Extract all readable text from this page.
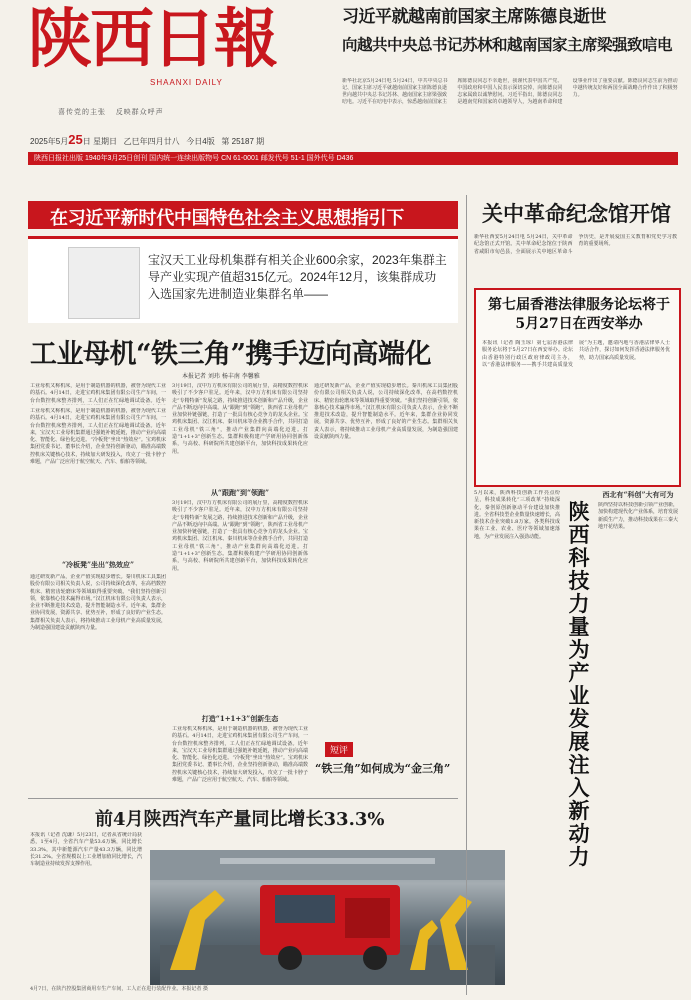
陕西日報
SHAANXI DAILY
喜传党的主张 反映群众呼声
习近平就越南前国家主席陈德良逝世
向越共中央总书记苏林和越南国家主席梁强致唁电
新华社北京5月24日电 5月24日，中共中央总书记、国家主席习近平就越南前国家主席陈德良逝世向越共中央总书记苏林、越南国家主席梁强致唁电。习近平在唁电中表示，惊悉越南前国家主席陈德良同志不幸逝世，我谨代表中国共产党、中国政府和中国人民表示深切哀悼，向陈德良同志家属致以诚挚慰问。习近平指出，陈德良同志是越南党和国家的卓越领导人，为越南革命和建设事业作出了重要贡献。陈德良同志生前为推动中越传统友好和两国全面战略合作作出了积极努力。
2025年5月25日 星期日 乙巳年四月廿八 今日4版 第 25187 期
陕西日报社出版 1940年3月25日创刊 国内统一连续出版物号 CN 61-0001 邮发代号 51-1 国外代号 D436
在习近平新时代中国特色社会主义思想指引下
宝汉天工业母机集群有相关企业600余家，2023年集群主导产业实现产值超315亿元。2024年12月，该集群成功入选国家先进制造业集群名单——
工业母机“铁三角”携手迈向高端化
本报记者 刘玮 杨丰南 李馨雅
工业母机又称机床，是用于制造机器的机器，被誉为现代工业的基石。4月14日，走进宝鸡机床集团有限公司生产车间，一台台数控机床整齐排列，工人们正在忙碌地调试设备。近年
“冷板凳”坐出“热效应”
工业母机又称机床，是用于制造机器的机器，被誉为现代工业的基石。4月14日，走进宝鸡机床集团有限公司生产车间，一台台数控机床整齐排列，工人们正在忙碌地调试设备。近年来，宝汉天工业母机集群通过强链补链延链，推动产业向高端化、智能化、绿色化迈进。“冷板凳”坐出“热效应”。宝鸡机床集团党委书记、董事长介绍，企业坚持创新驱动，瞄准高端数控机床关键核心技术，持续加大研发投入，攻克了一批卡脖子难题，产品广泛应用于航空航天、汽车、船舶等领域。
通过研发新产品，企业产值实现稳步增长。秦川机床工具集团股份有限公司相关负责人说，公司持续深化改革，在高档数控机床、精密齿轮磨床等领域取得重要突破。“我们坚持创新引领，依靠核心技术赢得市场。”汉江机床有限公司负责人表示，企业不断推进技术改造，提升智能制造水平。近年来，集群企业协同发展，资源共享、优势互补，形成了良好的产业生态。集群相关负责人表示，将持续推动工业母机产业高质量发展，为制造强国建设贡献陕西力量。
3月19日，汉中万方机床有限公司的展厅里，高精度数控机床吸引了不少客户驻足。近年来，汉中万方机床有限公司坚持走“专精特新”发展之路，持续推进技术创新和产品升级，企业产品不断迈向中高端。从“跟跑”到“领跑”，陕西省工业母机产业加快补链强链，打造了一批具有核心竞争力的龙头企业。宝鸡机床集团、汉江机床、秦川机床等企业携手合作，共同打造工业母机“铁三角”，推动产业集群向高端化迈进。打造“1+1+3”创新生态。集群积极构建产学研用协同创新体系，与高校、科研院所共建创新平台，加快科技成果转化应用。
从“跟跑”到“领跑”
3月19日，汉中万方机床有限公司的展厅里，高精度数控机床吸引了不少客户驻足。近年来，汉中万方机床有限公司坚持走“专精特新”发展之路，持续推进技术创新和产品升级，企业产品不断迈向中高端。从“跟跑”到“领跑”，陕西省工业母机产业加快补链强链，打造了一批具有核心竞争力的龙头企业。宝鸡机床集团、汉江机床、秦川机床等企业携手合作，共同打造工业母机“铁三角”，推动产业集群向高端化迈进。打造“1+1+3”创新生态。集群积极构建产学研用协同创新体系，与高校、科研院所共建创新平台，加快科技成果转化应用。
打造“1+1+3”创新生态
工业母机又称机床，是用于制造机器的机器，被誉为现代工业的基石。4月14日，走进宝鸡机床集团有限公司生产车间，一台台数控机床整齐排列，工人们正在忙碌地调试设备。近年来，宝汉天工业母机集群通过强链补链延链，推动产业向高端化、智能化、绿色化迈进。“冷板凳”坐出“热效应”。宝鸡机床集团党委书记、董事长介绍，企业坚持创新驱动，瞄准高端数控机床关键核心技术，持续加大研发投入，攻克了一批卡脖子难题，产品广泛应用于航空航天、汽车、船舶等领域。
通过研发新产品，企业产值实现稳步增长。秦川机床工具集团股份有限公司相关负责人说，公司持续深化改革，在高档数控机床、精密齿轮磨床等领域取得重要突破。“我们坚持创新引领，依靠核心技术赢得市场。”汉江机床有限公司负责人表示，企业不断推进技术改造，提升智能制造水平。近年来，集群企业协同发展，资源共享、优势互补，形成了良好的产业生态。集群相关负责人表示，将持续推动工业母机产业高质量发展，为制造强国建设贡献陕西力量。
短评
“铁三角”如何成为“金三角”
前4月陕西汽车产量同比增长33.3%
本报讯（记者 沈谦）5月23日，记者从省统计局获悉，1至4月，全省汽车产量53.6万辆，同比增长33.3%，其中新能源汽车产量43.3万辆，同比增长31.2%。全省规模以上工业增加值同比增长，汽车制造业持续发挥支撑作用。
4月7日，在陕汽控股集团商用车生产车间，工人正在进行装配作业。本报记者 摄
关中革命纪念馆开馆
新华社西安5月24日电 5月24日，关中革命纪念馆正式开馆。关中革命纪念馆位于陕西省咸阳市旬邑县，全面展示关中地区革命斗争历史，是开展爱国主义教育和党史学习教育的重要场所。
第七届香港法律服务论坛将于5月27日在西安举办
本报讯（记者 陶玉琼）第七届香港法律服务论坛将于5月27日在西安举办。论坛由香港特别行政区政府律政司主办，以“香港法律服务——携手共建高质量发展”为主题，邀请内地与香港法律界人士共话合作，探讨如何发挥香港法律服务优势，助力国家高质量发展。
5月以来，陕西科技创新工作亮点纷呈，科技成果转化“三项改革”持续深化，秦创原创新驱动平台建设加快推进。全省科技型企业数量快速增长，高新技术企业突破1.8万家。各类科技成果在工业、农业、医疗等领域加速落地，为产业发展注入强劲动能。
陕西科技力量为产业发展注入新动力
西北有“科创”大有可为
陕西坚持以科技创新引领产业创新，加快构建现代化产业体系，培育发展新质生产力，推动科技成果在三秦大地开花结果。
